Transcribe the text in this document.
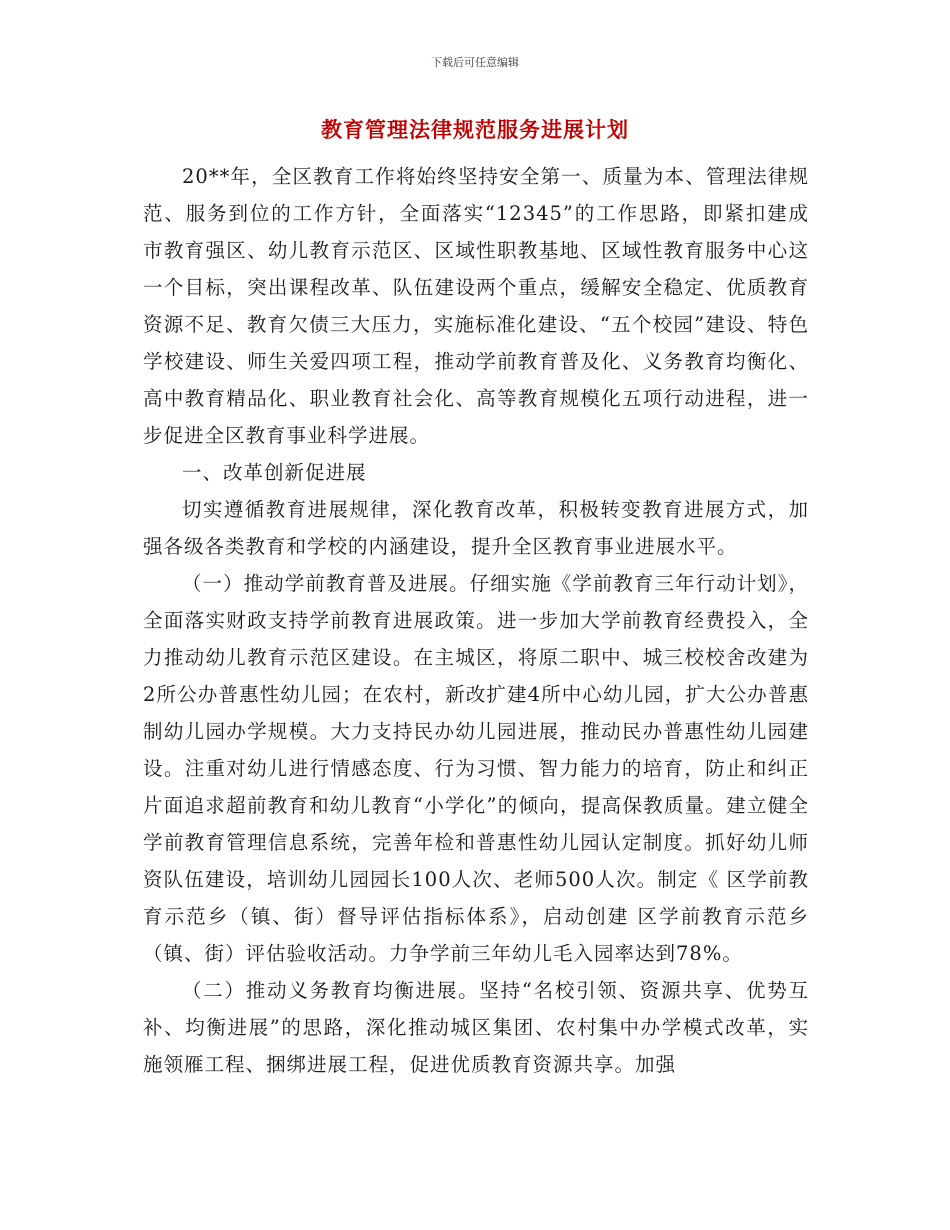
下载后可任意编辑
教育管理法律规范服务进展计划

20**年，全区教育工作将始终坚持安全第一、质量为本、管理法律规范、服务到位的工作方针，全面落实“12345”的工作思路，即紧扣建成 市教育强区、幼儿教育示范区、区域性职教基地、区域性教育服务中心这一个目标，突出课程改革、队伍建设两个重点，缓解安全稳定、优质教育资源不足、教育欠债三大压力，实施标准化建设、“五个校园”建设、特色学校建设、师生关爱四项工程，推动学前教育普及化、义务教育均衡化、高中教育精品化、职业教育社会化、高等教育规模化五项行动进程，进一步促进全区教育事业科学进展。

一、改革创新促进展

切实遵循教育进展规律，深化教育改革，积极转变教育进展方式，加强各级各类教育和学校的内涵建设，提升全区教育事业进展水平。

（一）推动学前教育普及进展。仔细实施《学前教育三年行动计划》，全面落实财政支持学前教育进展政策。进一步加大学前教育经费投入，全力推动幼儿教育示范区建设。在主城区，将原二职中、城三校校舍改建为2所公办普惠性幼儿园；在农村，新改扩建4所中心幼儿园，扩大公办普惠制幼儿园办学规模。大力支持民办幼儿园进展，推动民办普惠性幼儿园建设。注重对幼儿进行情感态度、行为习惯、智力能力的培育，防止和纠正片面追求超前教育和幼儿教育“小学化”的倾向，提高保教质量。建立健全学前教育管理信息系统，完善年检和普惠性幼儿园认定制度。抓好幼儿师资队伍建设，培训幼儿园园长100人次、老师500人次。制定《 区学前教育示范乡（镇、街）督导评估指标体系》，启动创建 区学前教育示范乡（镇、街）评估验收活动。力争学前三年幼儿毛入园率达到78%。

（二）推动义务教育均衡进展。坚持“名校引领、资源共享、优势互补、均衡进展”的思路，深化推动城区集团、农村集中办学模式改革，实施领雁工程、捆绑进展工程，促进优质教育资源共享。加强
